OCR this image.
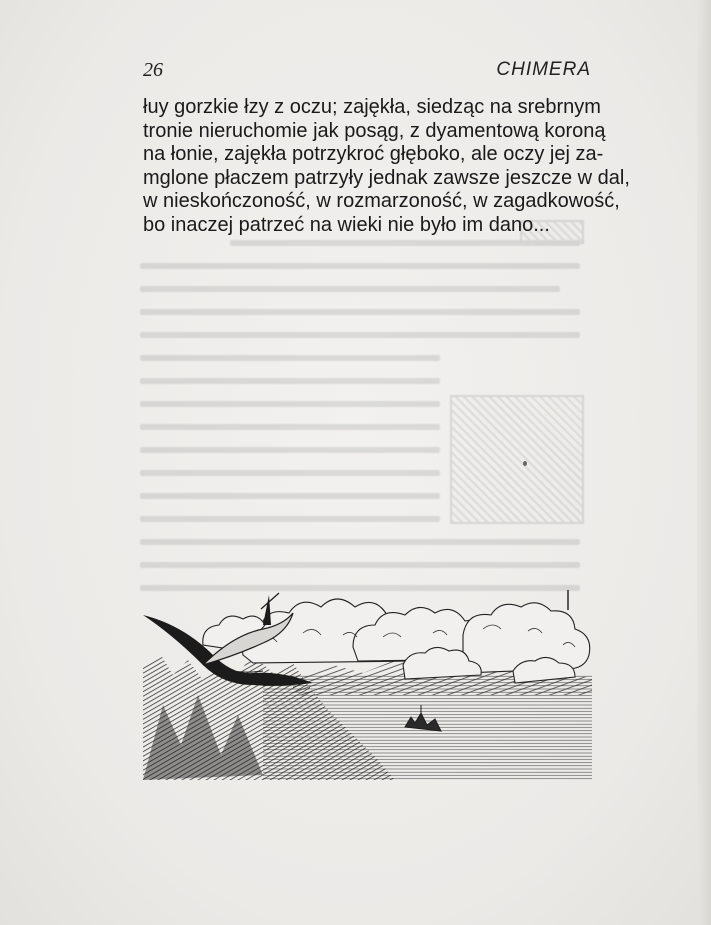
26	CHIMERA
łuy gorzkie łzy z oczu; zajękła, siedząc na srebrnym
tronie nieruchomie jak posąg, z dyamentową koroną
na łonie, zajękła potrzykroć głęboko, ale oczy jej za-
mglone płaczem patrzyły jednak zawsze jeszcze w dal,
w nieskończoność, w rozmarzoność, w zagadkowość,
bo inaczej patrzeć na wieki nie było im dano...
